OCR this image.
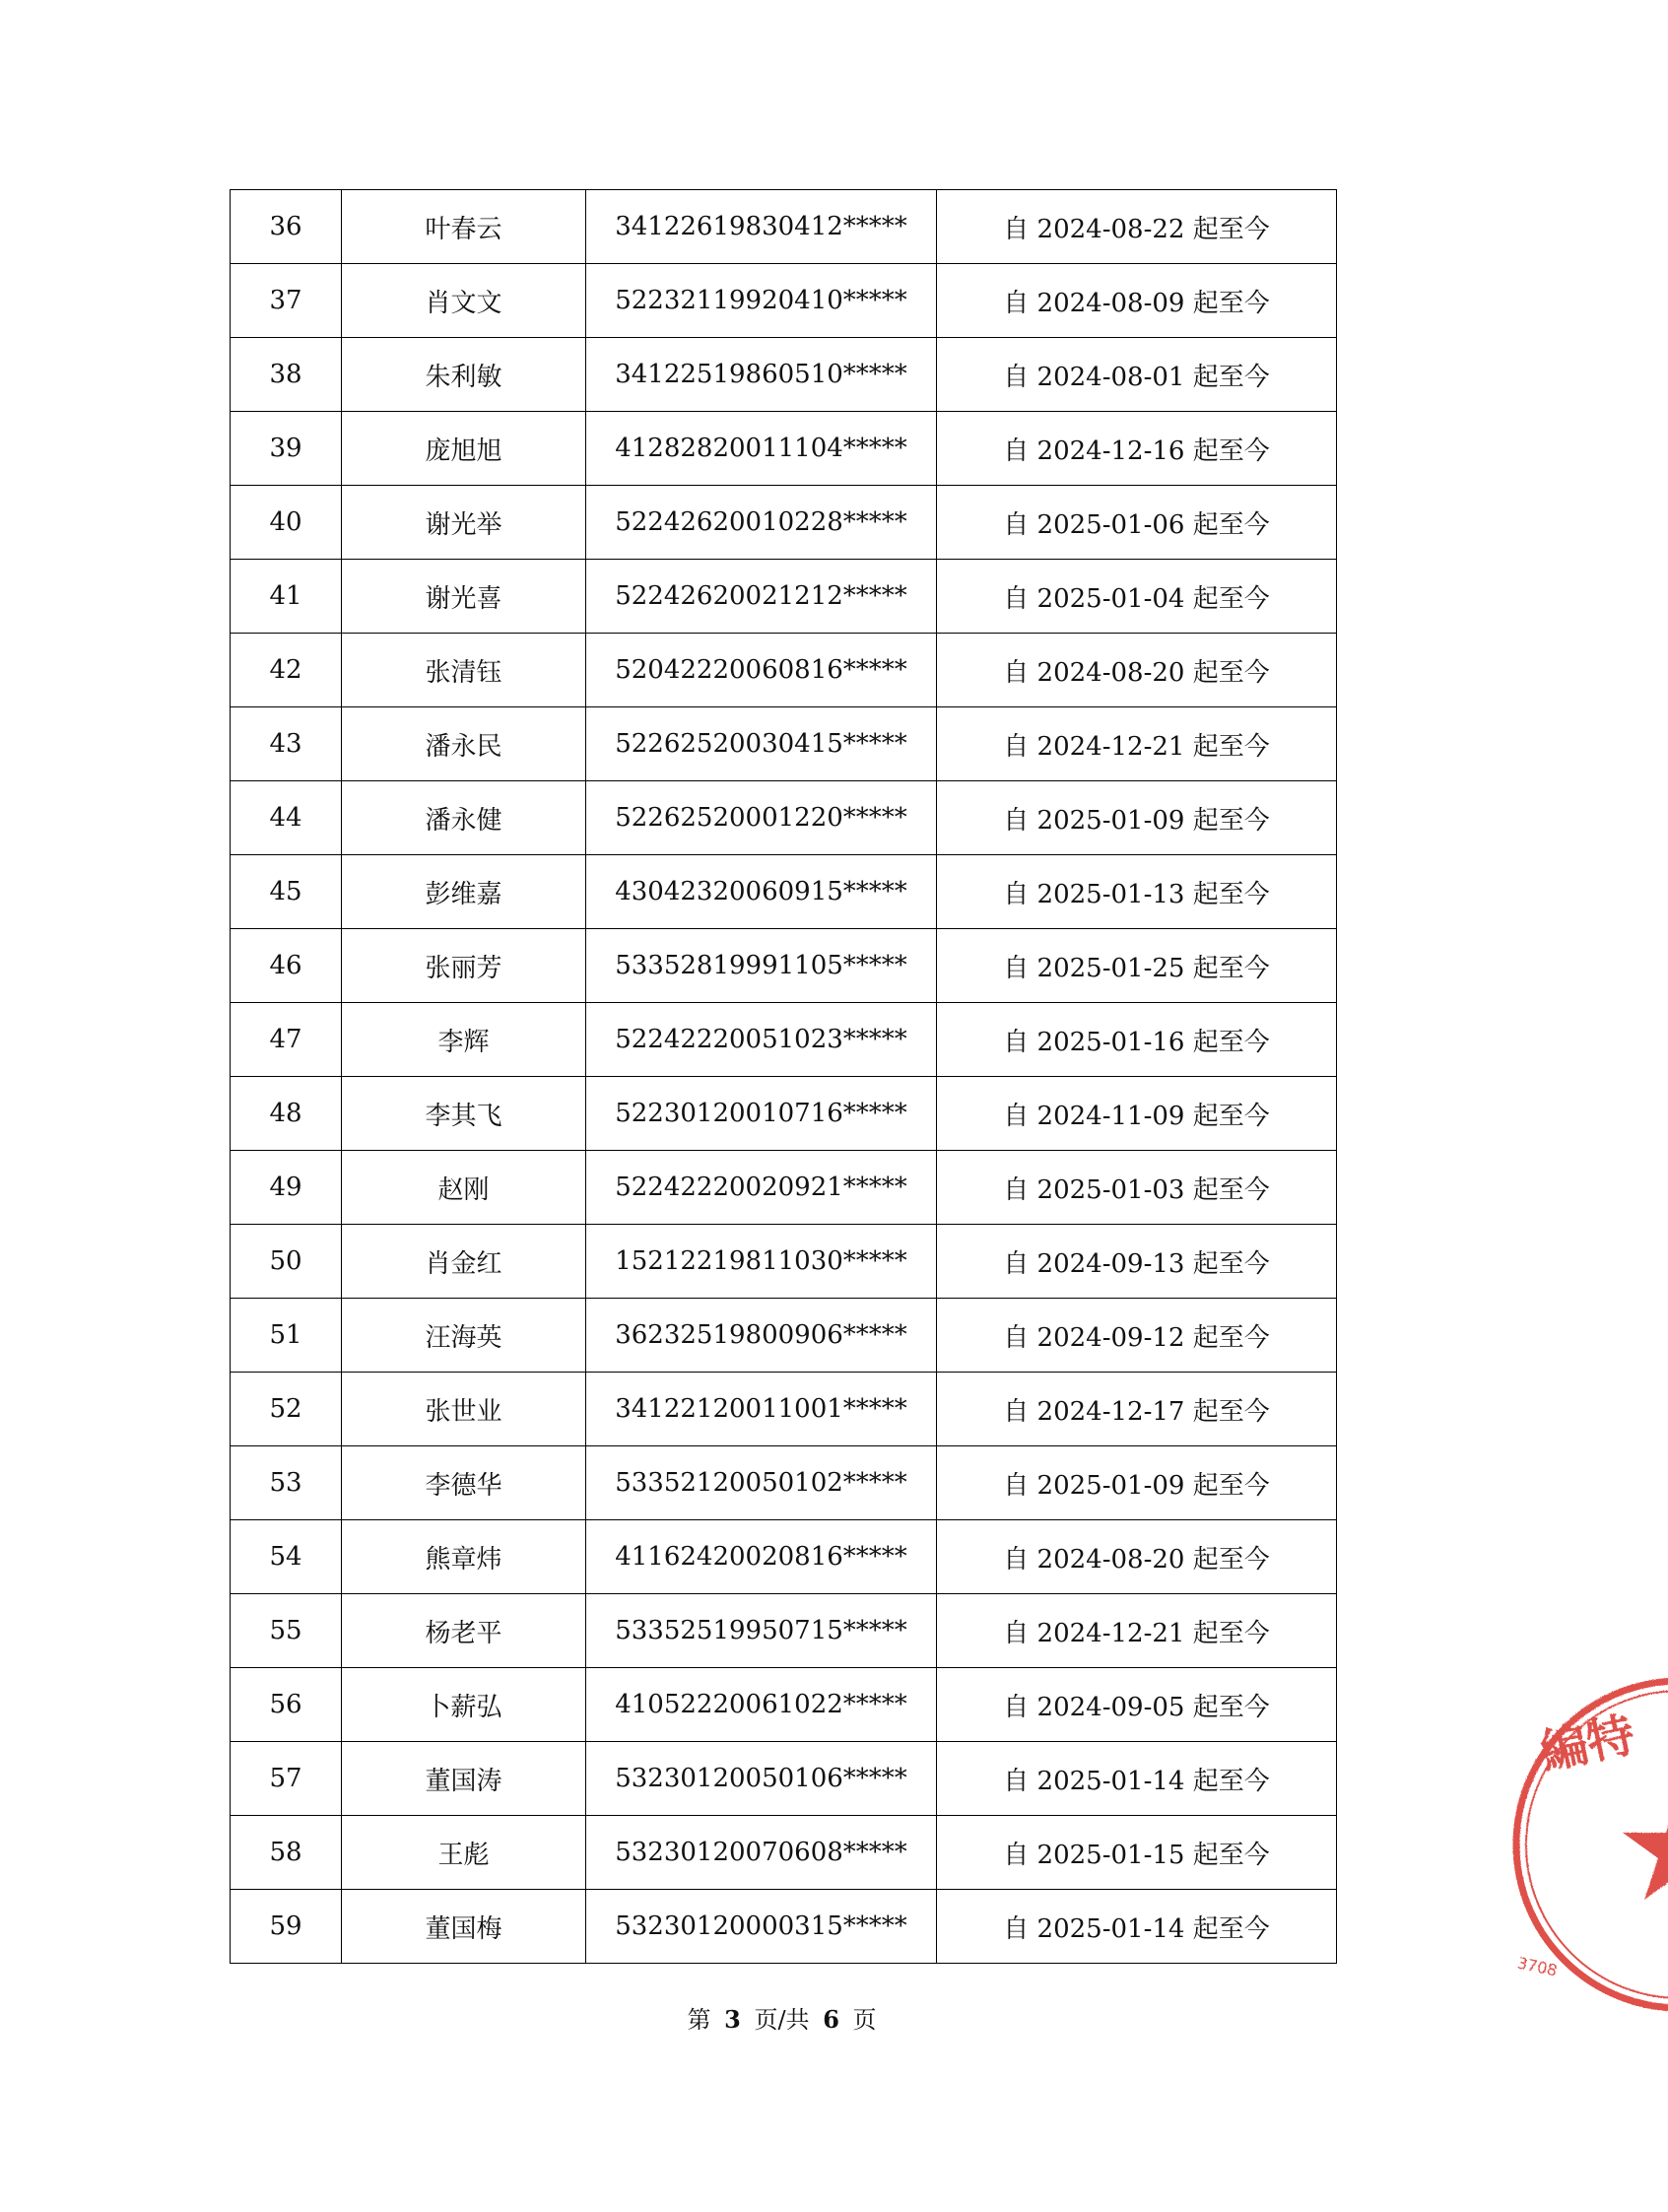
36	叶春云	34122619830412*****	自 2024-08-22 起至今
37	肖文文	52232119920410*****	自 2024-08-09 起至今
38	朱利敏	34122519860510*****	自 2024-08-01 起至今
39	庞旭旭	41282820011104*****	自 2024-12-16 起至今
40	谢光举	52242620010228*****	自 2025-01-06 起至今
41	谢光喜	52242620021212*****	自 2025-01-04 起至今
42	张清钰	52042220060816*****	自 2024-08-20 起至今
43	潘永民	52262520030415*****	自 2024-12-21 起至今
44	潘永健	52262520001220*****	自 2025-01-09 起至今
45	彭维嘉	43042320060915*****	自 2025-01-13 起至今
46	张丽芳	53352819991105*****	自 2025-01-25 起至今
47	李辉	52242220051023*****	自 2025-01-16 起至今
48	李其飞	52230120010716*****	自 2024-11-09 起至今
49	赵刚	52242220020921*****	自 2025-01-03 起至今
50	肖金红	15212219811030*****	自 2024-09-13 起至今
51	汪海英	36232519800906*****	自 2024-09-12 起至今
52	张世业	34122120011001*****	自 2024-12-17 起至今
53	李德华	53352120050102*****	自 2025-01-09 起至今
54	熊章炜	41162420020816*****	自 2024-08-20 起至今
55	杨老平	53352519950715*****	自 2024-12-21 起至今
56	卜薪弘	41052220061022*****	自 2024-09-05 起至今
57	董国涛	53230120050106*****	自 2025-01-14 起至今
58	王彪	53230120070608*****	自 2025-01-15 起至今
59	董国梅	53230120000315*****	自 2025-01-14 起至今
第 3 页/共 6 页
編特
3708
